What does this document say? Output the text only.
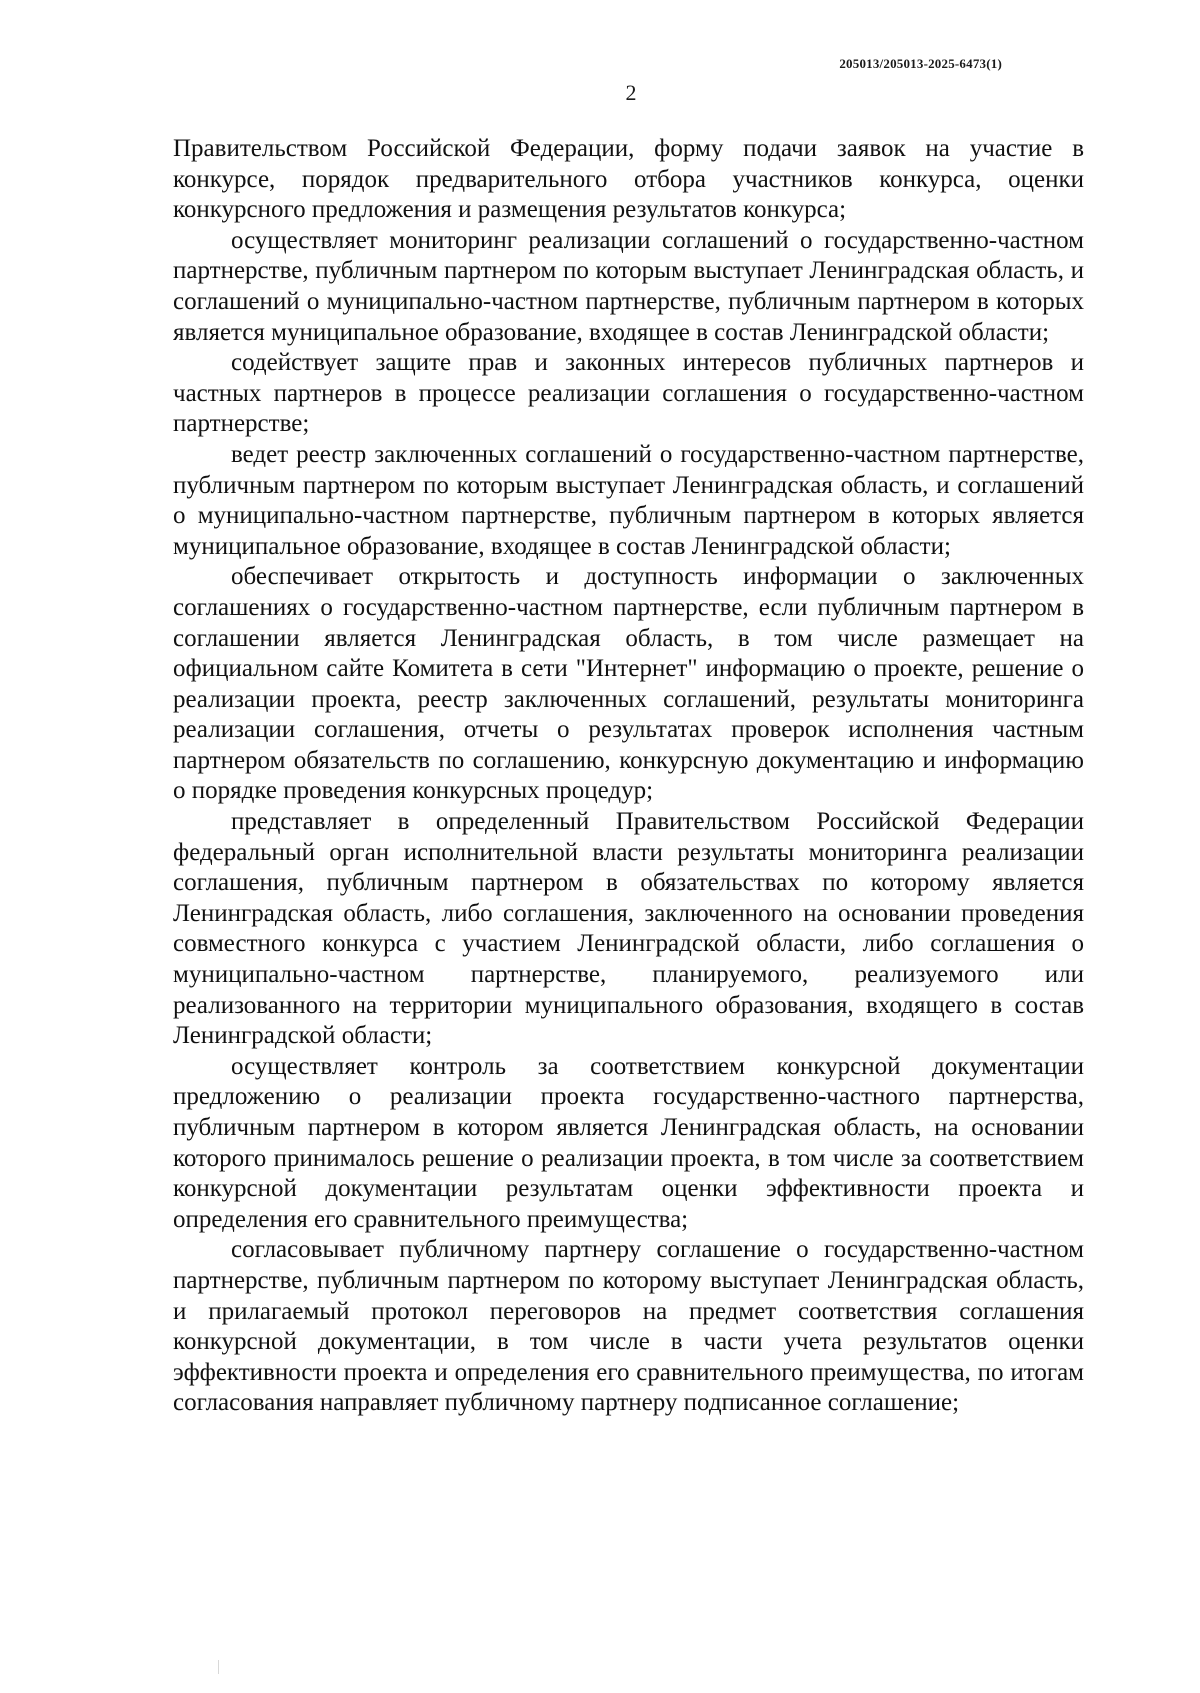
205013/205013-2025-6473(1)
2

Правительством Российской Федерации, форму подачи заявок на участие в конкурсе, порядок предварительного отбора участников конкурса, оценки конкурсного предложения и размещения результатов конкурса;

осуществляет мониторинг реализации соглашений о государственно-частном партнерстве, публичным партнером по которым выступает Ленинградская область, и соглашений о муниципально-частном партнерстве, публичным партнером в которых является муниципальное образование, входящее в состав Ленинградской области;

содействует защите прав и законных интересов публичных партнеров и частных партнеров в процессе реализации соглашения о государственно-частном партнерстве;

ведет реестр заключенных соглашений о государственно-частном партнерстве, публичным партнером по которым выступает Ленинградская область, и соглашений о муниципально-частном партнерстве, публичным партнером в которых является муниципальное образование, входящее в состав Ленинградской области;

обеспечивает открытость и доступность информации о заключенных соглашениях о государственно-частном партнерстве, если публичным партнером в соглашении является Ленинградская область, в том числе размещает на официальном сайте Комитета в сети "Интернет" информацию о проекте, решение о реализации проекта, реестр заключенных соглашений, результаты мониторинга реализации соглашения, отчеты о результатах проверок исполнения частным партнером обязательств по соглашению, конкурсную документацию и информацию о порядке проведения конкурсных процедур;

представляет в определенный Правительством Российской Федерации федеральный орган исполнительной власти результаты мониторинга реализации соглашения, публичным партнером в обязательствах по которому является Ленинградская область, либо соглашения, заключенного на основании проведения совместного конкурса с участием Ленинградской области, либо соглашения о муниципально-частном партнерстве, планируемого, реализуемого или реализованного на территории муниципального образования, входящего в состав Ленинградской области;

осуществляет контроль за соответствием конкурсной документации предложению о реализации проекта государственно-частного партнерства, публичным партнером в котором является Ленинградская область, на основании которого принималось решение о реализации проекта, в том числе за соответствием конкурсной документации результатам оценки эффективности проекта и определения его сравнительного преимущества;

согласовывает публичному партнеру соглашение о государственно-частном партнерстве, публичным партнером по которому выступает Ленинградская область, и прилагаемый протокол переговоров на предмет соответствия соглашения конкурсной документации, в том числе в части учета результатов оценки эффективности проекта и определения его сравнительного преимущества, по итогам согласования направляет публичному партнеру подписанное соглашение;
